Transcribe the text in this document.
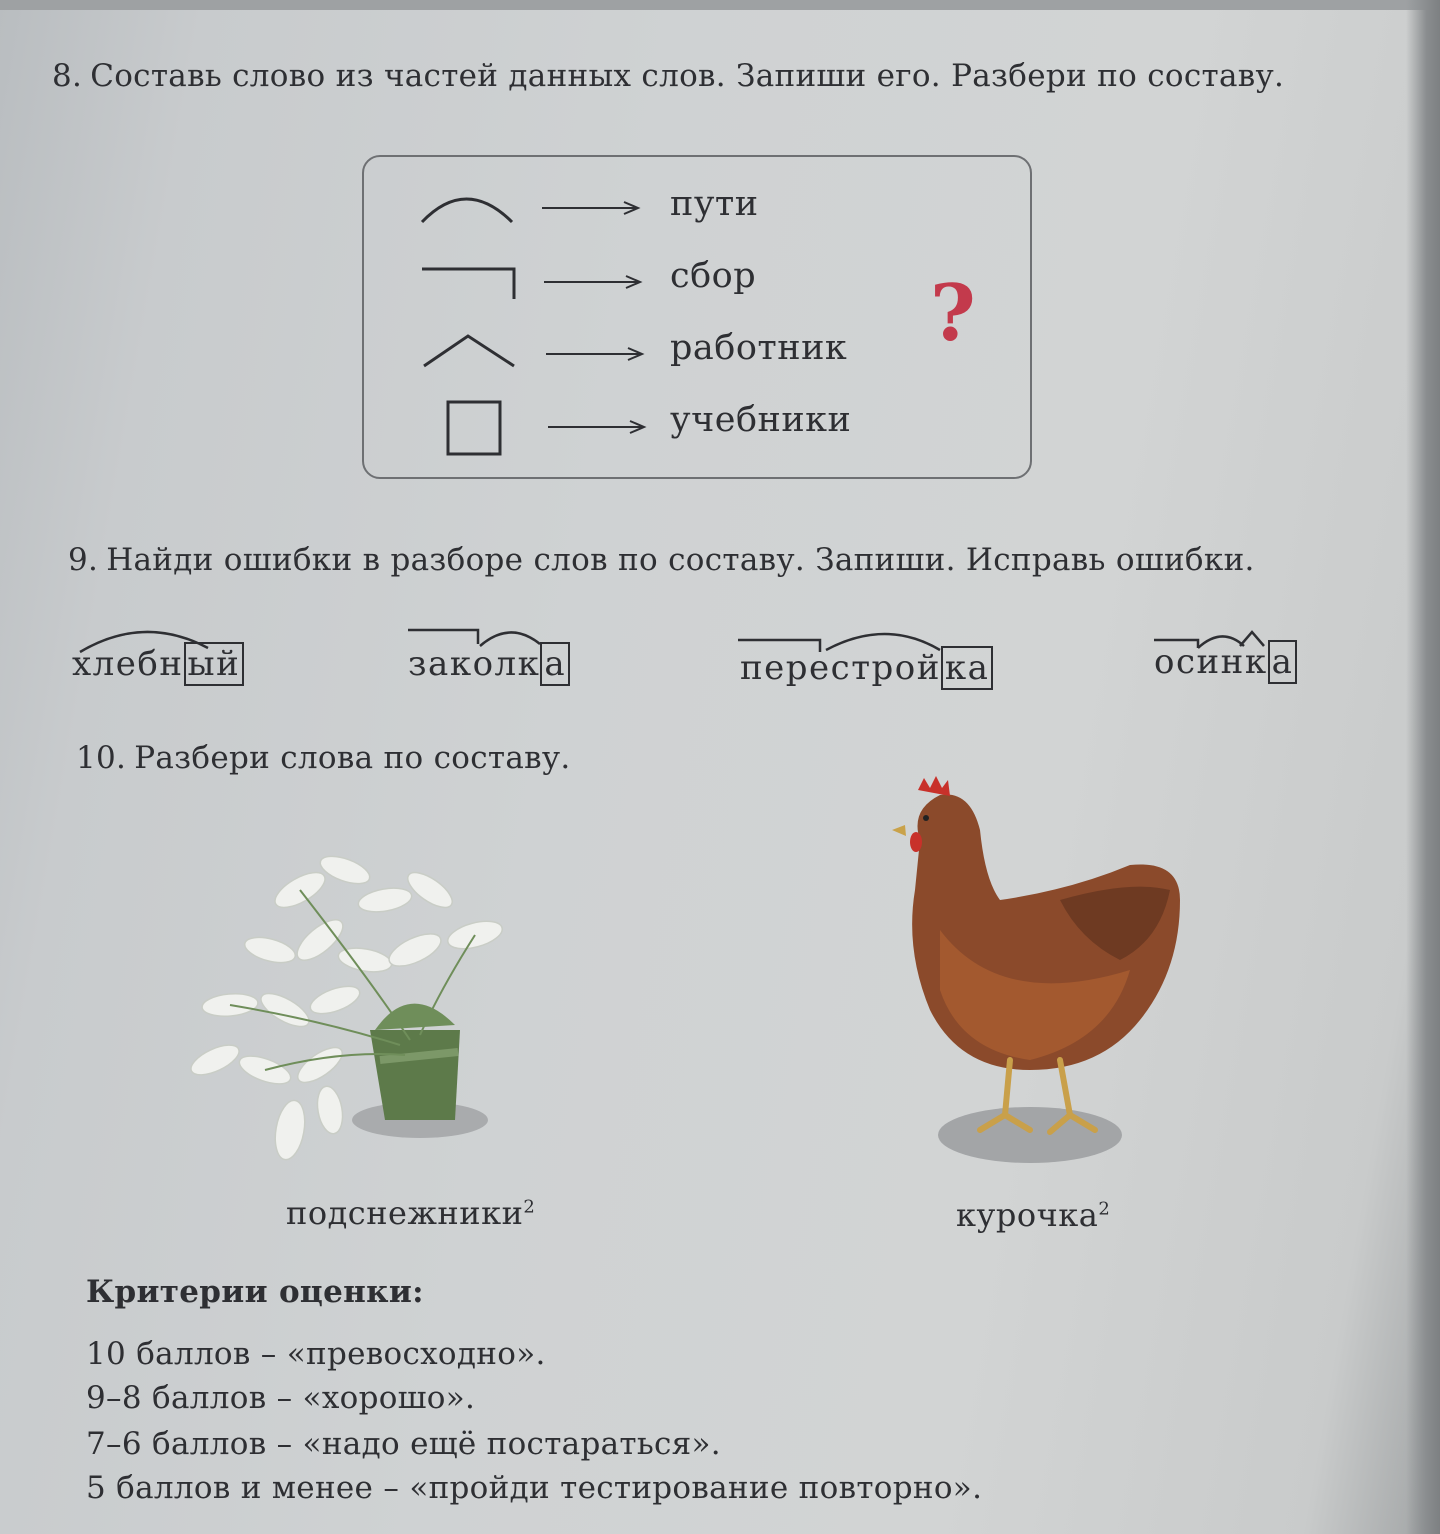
8. Составь слово из частей данных слов. Запиши его. Разбери по составу.
пути
сбор
работник
учебники
?
9. Найди ошибки в разборе слов по составу. Запиши. Исправь ошибки.
хлебн ый	заколк а	перестрой ка	осинк а
10. Разбери слова по составу.
подснежники$^2$	курочка$^2$
Критерии оценки:
10 баллов – «превосходно».
9–8 баллов – «хорошо».
7–6 баллов – «надо ещё постараться».
5 баллов и менее – «пройди тестирование повторно».
